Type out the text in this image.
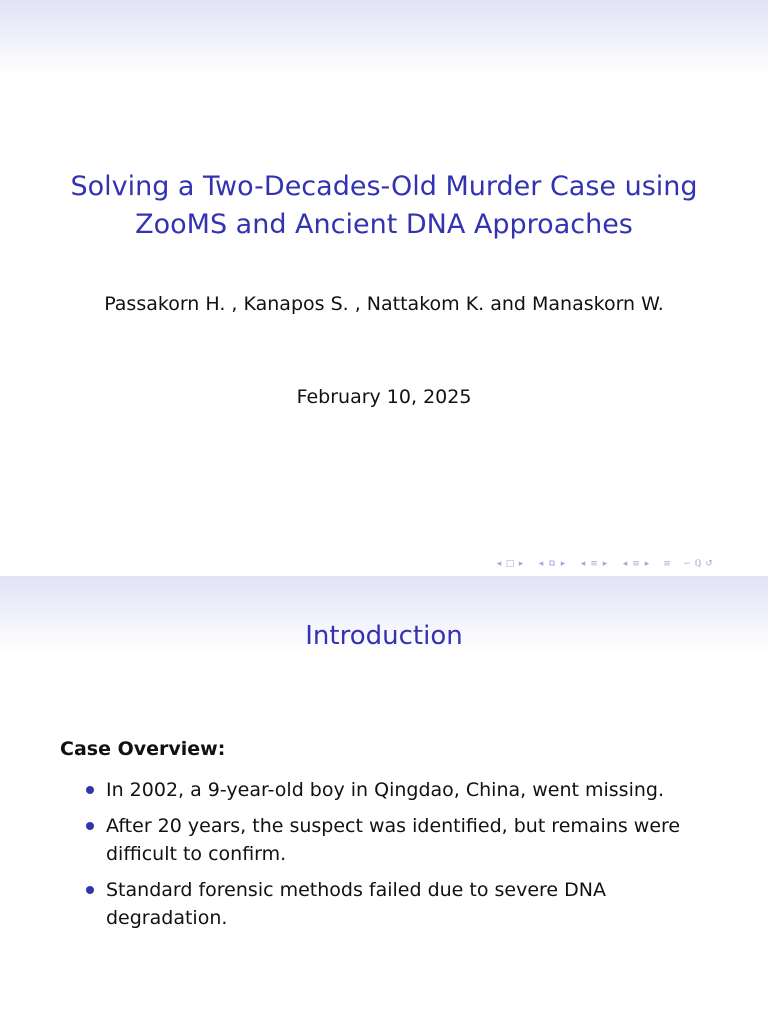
Solving a Two-Decades-Old Murder Case using
ZooMS and Ancient DNA Approaches
Passakorn H. , Kanapos S. , Nattakom K. and Manaskorn W.
February 10, 2025
◂ □ ▸	◂ ⧉ ▸	◂ ≡ ▸	◂ ≡ ▸	≡ ∽ ℚ ↺
Introduction
Case Overview:
In 2002, a 9-year-old boy in Qingdao, China, went missing.
After 20 years, the suspect was identified, but remains were difficult to confirm.
Standard forensic methods failed due to severe DNA degradation.
